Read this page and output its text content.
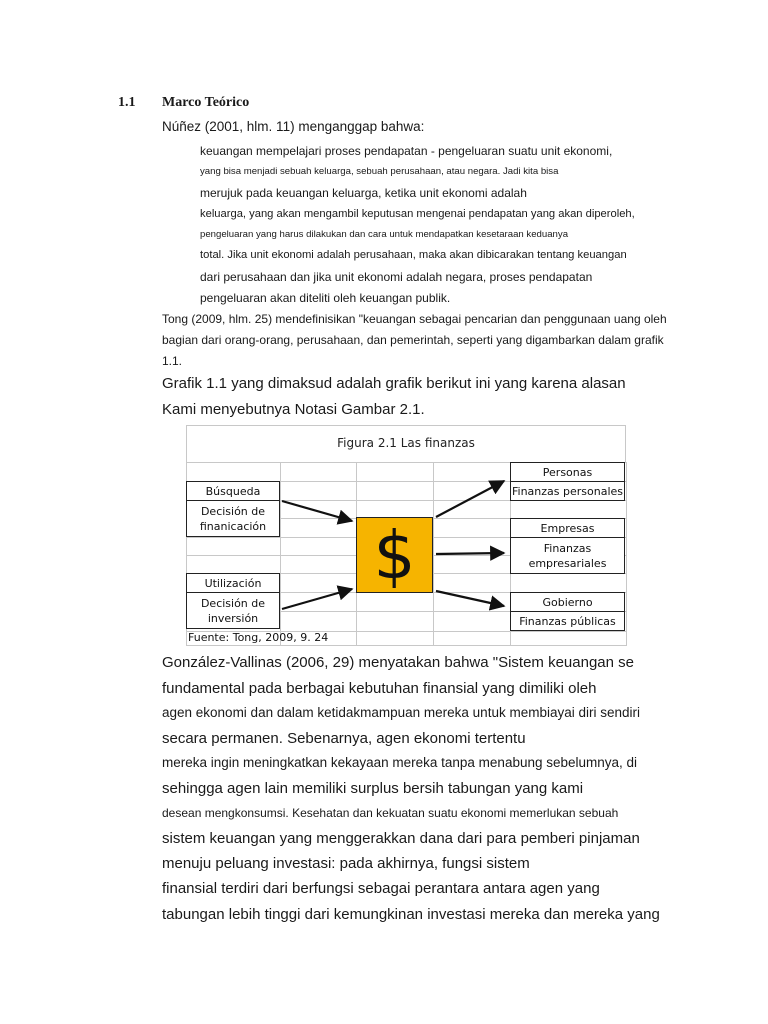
1.1 Marco Teórico
Núñez (2001, hlm. 11) menganggap bahwa:
keuangan mempelajari proses pendapatan - pengeluaran suatu unit ekonomi,
yang bisa menjadi sebuah keluarga, sebuah perusahaan, atau negara. Jadi kita bisa
merujuk pada keuangan keluarga, ketika unit ekonomi adalah
keluarga, yang akan mengambil keputusan mengenai pendapatan yang akan diperoleh,
pengeluaran yang harus dilakukan dan cara untuk mendapatkan kesetaraan keduanya
total. Jika unit ekonomi adalah perusahaan, maka akan dibicarakan tentang keuangan
dari perusahaan dan jika unit ekonomi adalah negara, proses pendapatan
pengeluaran akan diteliti oleh keuangan publik.
Tong (2009, hlm. 25) mendefinisikan "keuangan sebagai pencarian dan penggunaan uang oleh
bagian dari orang-orang, perusahaan, dan pemerintah, seperti yang digambarkan dalam grafik
1.1.
Grafik 1.1 yang dimaksud adalah grafik berikut ini yang karena alasan
Kami menyebutnya Notasi Gambar 2.1.
Figura 2.1 Las finanzas
Búsqueda
Decisión de
finanicación
Utilización
Decisión de
inversión
$
Personas
Finanzas personales
Empresas
Finanzas
empresariales
Gobierno
Finanzas públicas
Fuente: Tong, 2009, 9. 24
González-Vallinas (2006, 29) menyatakan bahwa "Sistem keuangan se
fundamental pada berbagai kebutuhan finansial yang dimiliki oleh
agen ekonomi dan dalam ketidakmampuan mereka untuk membiayai diri sendiri
secara permanen. Sebenarnya, agen ekonomi tertentu
mereka ingin meningkatkan kekayaan mereka tanpa menabung sebelumnya, di
sehingga agen lain memiliki surplus bersih tabungan yang kami
desean mengkonsumsi. Kesehatan dan kekuatan suatu ekonomi memerlukan sebuah
sistem keuangan yang menggerakkan dana dari para pemberi pinjaman
menuju peluang investasi: pada akhirnya, fungsi sistem
finansial terdiri dari berfungsi sebagai perantara antara agen yang
tabungan lebih tinggi dari kemungkinan investasi mereka dan mereka yang
